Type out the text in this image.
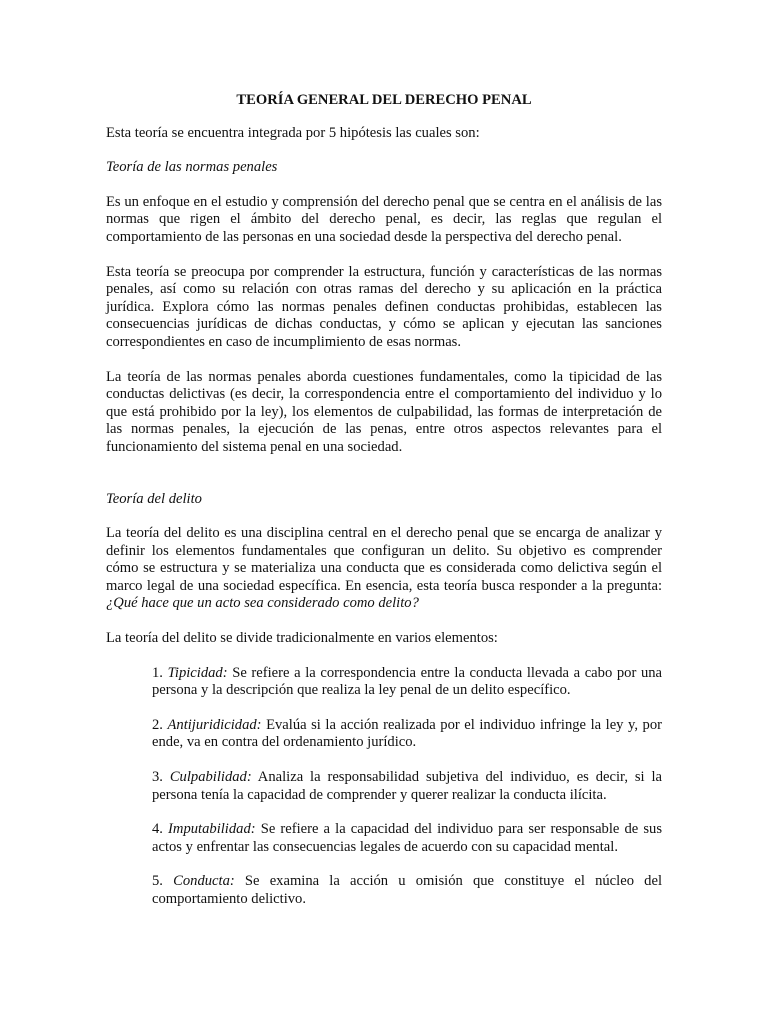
TEORÍA GENERAL DEL DERECHO PENAL
Esta teoría se encuentra integrada por 5 hipótesis las cuales son:
Teoría de las normas penales
Es un enfoque en el estudio y comprensión del derecho penal que se centra en el análisis de las normas que rigen el ámbito del derecho penal, es decir, las reglas que regulan el comportamiento de las personas en una sociedad desde la perspectiva del derecho penal.
Esta teoría se preocupa por comprender la estructura, función y características de las normas penales, así como su relación con otras ramas del derecho y su aplicación en la práctica jurídica. Explora cómo las normas penales definen conductas prohibidas, establecen las consecuencias jurídicas de dichas conductas, y cómo se aplican y ejecutan las sanciones correspondientes en caso de incumplimiento de esas normas.
La teoría de las normas penales aborda cuestiones fundamentales, como la tipicidad de las conductas delictivas (es decir, la correspondencia entre el comportamiento del individuo y lo que está prohibido por la ley), los elementos de culpabilidad, las formas de interpretación de las normas penales, la ejecución de las penas, entre otros aspectos relevantes para el funcionamiento del sistema penal en una sociedad.
Teoría del delito
La teoría del delito es una disciplina central en el derecho penal que se encarga de analizar y definir los elementos fundamentales que configuran un delito. Su objetivo es comprender cómo se estructura y se materializa una conducta que es considerada como delictiva según el marco legal de una sociedad específica. En esencia, esta teoría busca responder a la pregunta: ¿Qué hace que un acto sea considerado como delito?
La teoría del delito se divide tradicionalmente en varios elementos:
1. Tipicidad: Se refiere a la correspondencia entre la conducta llevada a cabo por una persona y la descripción que realiza la ley penal de un delito específico.
2. Antijuridicidad: Evalúa si la acción realizada por el individuo infringe la ley y, por ende, va en contra del ordenamiento jurídico.
3. Culpabilidad: Analiza la responsabilidad subjetiva del individuo, es decir, si la persona tenía la capacidad de comprender y querer realizar la conducta ilícita.
4. Imputabilidad: Se refiere a la capacidad del individuo para ser responsable de sus actos y enfrentar las consecuencias legales de acuerdo con su capacidad mental.
5. Conducta: Se examina la acción u omisión que constituye el núcleo del comportamiento delictivo.
